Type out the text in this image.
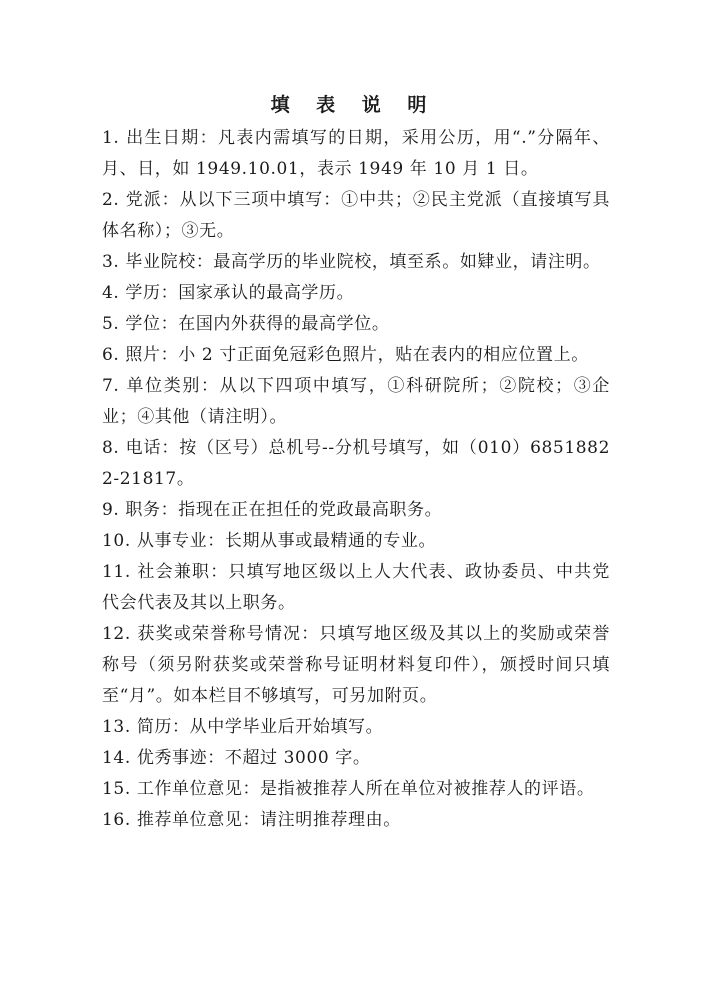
填 表 说 明
1. 出生日期：凡表内需填写的日期，采用公历，用“.”分隔年、月、日，如 1949.10.01，表示 1949 年 10 月 1 日。
2. 党派：从以下三项中填写：①中共；②民主党派（直接填写具体名称）；③无。
3. 毕业院校：最高学历的毕业院校，填至系。如肄业，请注明。
4. 学历：国家承认的最高学历。
5. 学位：在国内外获得的最高学位。
6. 照片：小 2 寸正面免冠彩色照片，贴在表内的相应位置上。
7. 单位类别：从以下四项中填写，①科研院所；②院校；③企业；④其他（请注明）。
8. 电话：按（区号）总机号--分机号填写，如（010）68518822-21817。
9. 职务：指现在正在担任的党政最高职务。
10. 从事专业：长期从事或最精通的专业。
11. 社会兼职：只填写地区级以上人大代表、政协委员、中共党代会代表及其以上职务。
12. 获奖或荣誉称号情况：只填写地区级及其以上的奖励或荣誉称号（须另附获奖或荣誉称号证明材料复印件），颁授时间只填至“月”。如本栏目不够填写，可另加附页。
13. 简历：从中学毕业后开始填写。
14. 优秀事迹：不超过 3000 字。
15. 工作单位意见：是指被推荐人所在单位对被推荐人的评语。
16. 推荐单位意见：请注明推荐理由。
